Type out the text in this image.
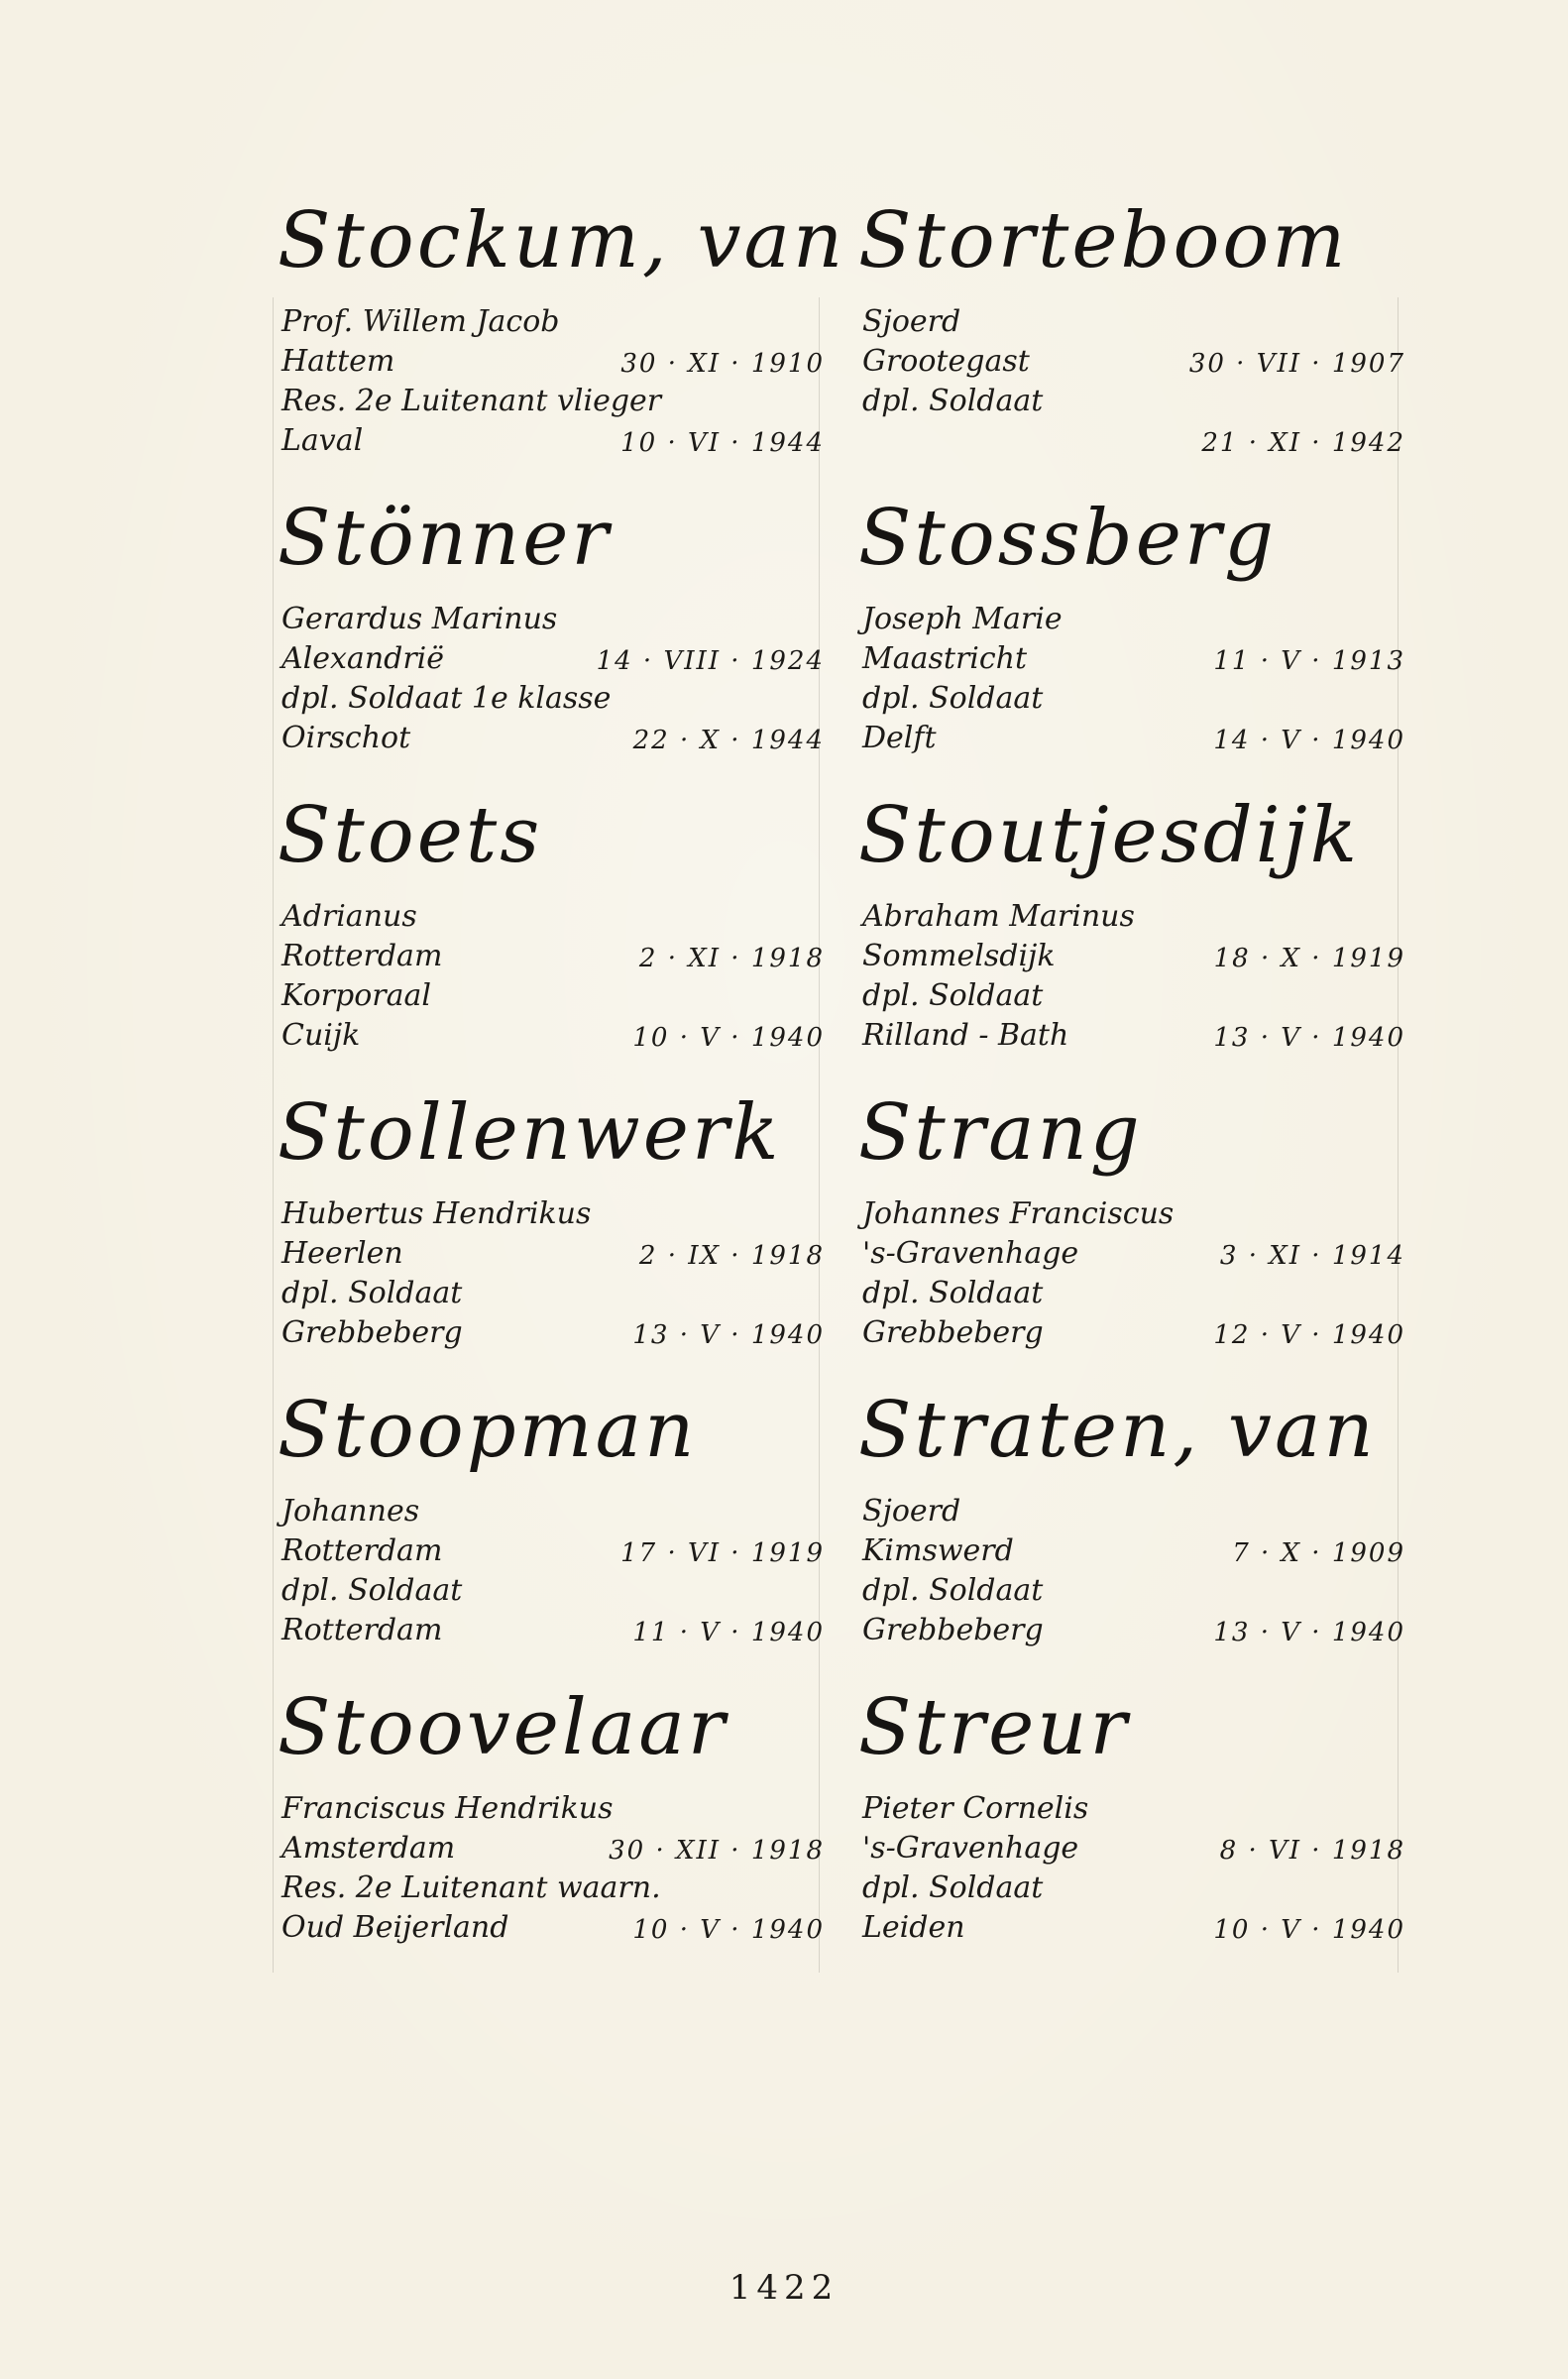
Stockum, van
Prof. Willem Jacob
Hattem	30 · XI · 1910
Res. 2e Luitenant vlieger
Laval	10 · VI · 1944
Stönner
Gerardus Marinus
Alexandrië	14 · VIII · 1924
dpl. Soldaat 1e klasse
Oirschot	22 · X · 1944
Stoets
Adrianus
Rotterdam	2 · XI · 1918
Korporaal
Cuijk	10 · V · 1940
Stollenwerk
Hubertus Hendrikus
Heerlen	2 · IX · 1918
dpl. Soldaat
Grebbeberg	13 · V · 1940
Stoopman
Johannes
Rotterdam	17 · VI · 1919
dpl. Soldaat
Rotterdam	11 · V · 1940
Stoovelaar
Franciscus Hendrikus
Amsterdam	30 · XII · 1918
Res. 2e Luitenant waarn.
Oud Beijerland	10 · V · 1940
Storteboom
Sjoerd
Grootegast	30 · VII · 1907
dpl. Soldaat
21 · XI · 1942
Stossberg
Joseph Marie
Maastricht	11 · V · 1913
dpl. Soldaat
Delft	14 · V · 1940
Stoutjesdijk
Abraham Marinus
Sommelsdijk	18 · X · 1919
dpl. Soldaat
Rilland - Bath	13 · V · 1940
Strang
Johannes Franciscus
's-Gravenhage	3 · XI · 1914
dpl. Soldaat
Grebbeberg	12 · V · 1940
Straten, van
Sjoerd
Kimswerd	7 · X · 1909
dpl. Soldaat
Grebbeberg	13 · V · 1940
Streur
Pieter Cornelis
's-Gravenhage	8 · VI · 1918
dpl. Soldaat
Leiden	10 · V · 1940
1422
